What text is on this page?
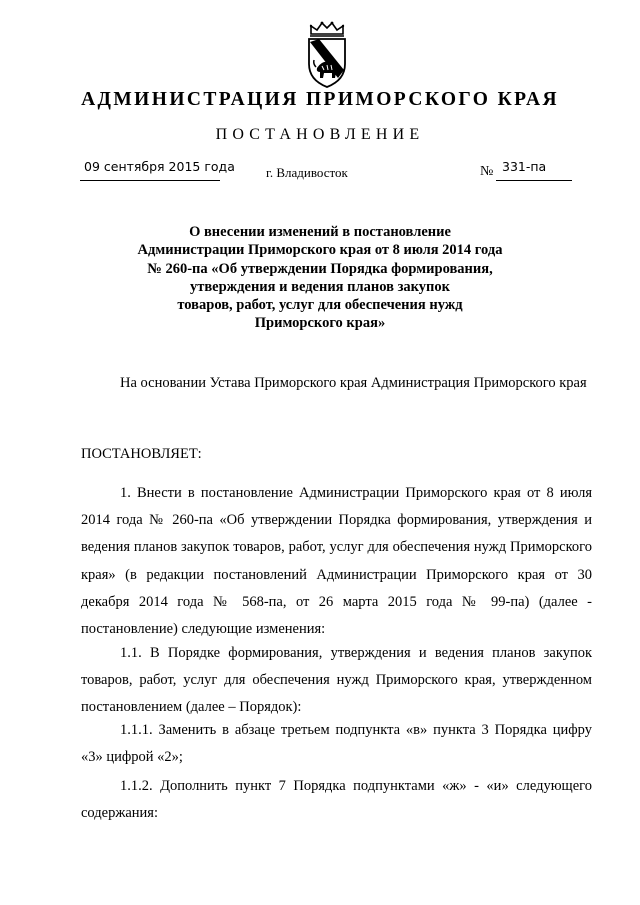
АДМИНИСТРАЦИЯ ПРИМОРСКОГО КРАЯ
ПОСТАНОВЛЕНИЕ
09 сентября 2015 года г. Владивосток	№ 331-па
О внесении изменений в постановление
Администрации Приморского края от 8 июля 2014 года
№ 260-па «Об утверждении Порядка формирования,
утверждения и ведения планов закупок
товаров, работ, услуг для обеспечения нужд
Приморского края»
На основании Устава Приморского края Администрация Приморского края
ПОСТАНОВЛЯЕТ:
1. Внести в постановление Администрации Приморского края от 8 июля 2014 года № 260-па «Об утверждении Порядка формирования, утверждения и ведения планов закупок товаров, работ, услуг для обеспечения нужд Приморского края» (в редакции постановлений Администрации Приморского края от 30 декабря 2014 года № 568-па, от 26 марта 2015 года № 99-па) (далее - постановление) следующие изменения:
1.1. В Порядке формирования, утверждения и ведения планов закупок товаров, работ, услуг для обеспечения нужд Приморского края, утвержденном постановлением (далее – Порядок):
1.1.1. Заменить в абзаце третьем подпункта «в» пункта 3 Порядка цифру «3» цифрой «2»;
1.1.2. Дополнить пункт 7 Порядка подпунктами «ж» - «и» следующего содержания:
